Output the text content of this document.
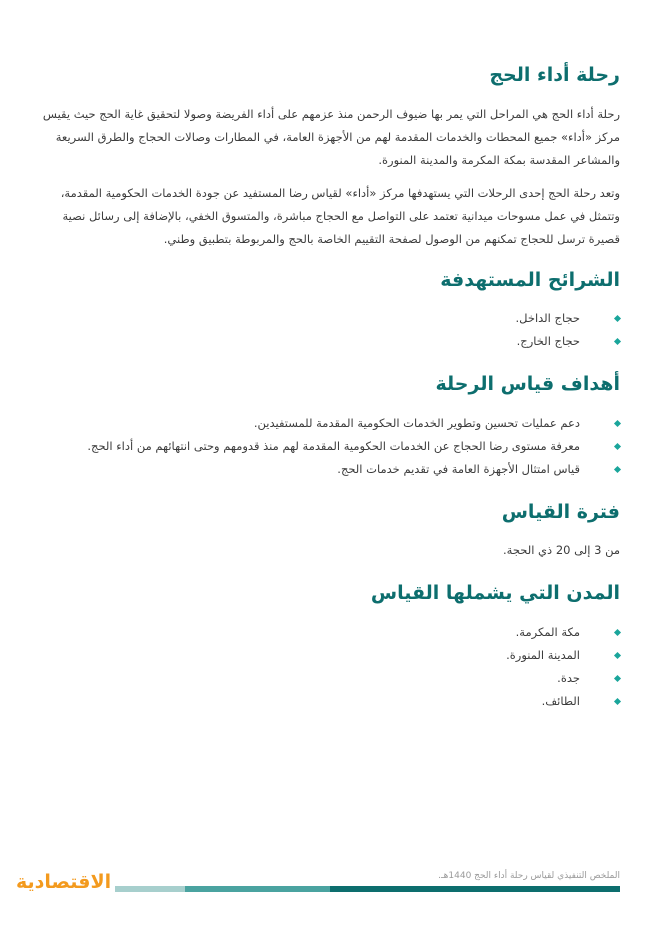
رحلة أداء الحج

رحلة أداء الحج هي المراحل التي يمر بها ضيوف الرحمن منذ عزمهم على أداء الفريضة وصولا لتحقيق غاية الحج حيث يقيس مركز «أداء» جميع المحطات والخدمات المقدمة لهم من الأجهزة العامة، في المطارات وصالات الحجاج والطرق السريعة والمشاعر المقدسة بمكة المكرمة والمدينة المنورة.

وتعد رحلة الحج إحدى الرحلات التي يستهدفها مركز «أداء» لقياس رضا المستفيد عن جودة الخدمات الحكومية المقدمة، وتتمثل في عمل مسوحات ميدانية تعتمد على التواصل مع الحجاج مباشرة، والمتسوق الخفي، بالإضافة إلى رسائل نصية قصيرة ترسل للحجاج تمكنهم من الوصول لصفحة التقييم الخاصة بالحج والمربوطة بتطبيق وطني.

الشرائح المستهدفة
حجاج الداخل.
حجاج الخارج.
أهداف قياس الرحلة
دعم عمليات تحسين وتطوير الخدمات الحكومية المقدمة للمستفيدين.
معرفة مستوى رضا الحجاج عن الخدمات الحكومية المقدمة لهم منذ قدومهم وحتى انتهائهم من أداء الحج.
قياس امتثال الأجهزة العامة في تقديم خدمات الحج.
فترة القياس

من 3 إلى 20 ذي الحجة.

المدن التي يشملها القياس
مكة المكرمة.
المدينة المنورة.
جدة.
الطائف.
الملخص التنفيذي لقياس رحلة أداء الحج 1440هـ.
الاقتصادية
